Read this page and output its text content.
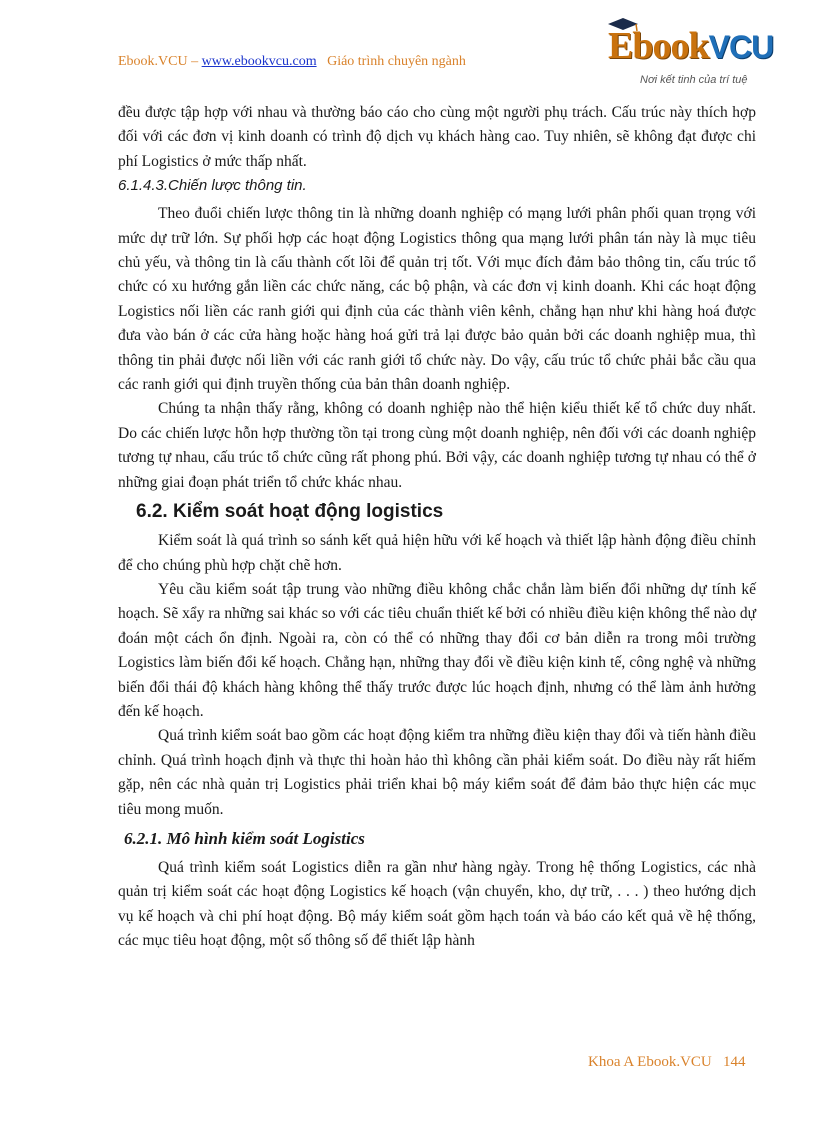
Ebook.VCU – www.ebookvcu.com Giáo trình chuyên ngành	EbookVCU
Nơi kết tinh của trí tuệ

đều được tập hợp với nhau và thường báo cáo cho cùng một người phụ trách. Cấu trúc này thích hợp đối với các đơn vị kinh doanh có trình độ dịch vụ khách hàng cao. Tuy nhiên, sẽ không đạt được chi phí Logistics ở mức thấp nhất.

6.1.4.3.Chiến lược thông tin.

Theo đuổi chiến lược thông tin là những doanh nghiệp có mạng lưới phân phối quan trọng với mức dự trữ lớn. Sự phối hợp các hoạt động Logistics thông qua mạng lưới phân tán này là mục tiêu chủ yếu, và thông tin là cấu thành cốt lõi để quản trị tốt. Với mục đích đảm bảo thông tin, cấu trúc tổ chức có xu hướng gắn liền các chức năng, các bộ phận, và các đơn vị kinh doanh. Khi các hoạt động Logistics nối liền các ranh giới qui định của các thành viên kênh, chẳng hạn như khi hàng hoá được đưa vào bán ở các cửa hàng hoặc hàng hoá gửi trả lại được bảo quản bởi các doanh nghiệp mua, thì thông tin phải được nối liền với các ranh giới tổ chức này. Do vậy, cấu trúc tổ chức phải bắc cầu qua các ranh giới qui định truyền thống của bản thân doanh nghiệp.

Chúng ta nhận thấy rằng, không có doanh nghiệp nào thể hiện kiểu thiết kế tổ chức duy nhất. Do các chiến lược hỗn hợp thường tồn tại trong cùng một doanh nghiệp, nên đối với các doanh nghiệp tương tự nhau, cấu trúc tổ chức cũng rất phong phú. Bởi vậy, các doanh nghiệp tương tự nhau có thể ở những giai đoạn phát triển tổ chức khác nhau.

6.2. Kiểm soát hoạt động logistics

Kiểm soát là quá trình so sánh kết quả hiện hữu với kế hoạch và thiết lập hành động điều chỉnh để cho chúng phù hợp chặt chẽ hơn.

Yêu cầu kiểm soát tập trung vào những điều không chắc chắn làm biến đổi những dự tính kế hoạch. Sẽ xẩy ra những sai khác so với các tiêu chuẩn thiết kế bởi có nhiều điều kiện không thể nào dự đoán một cách ổn định. Ngoài ra, còn có thể có những thay đổi cơ bản diễn ra trong môi trường Logistics làm biến đổi kế hoạch. Chẳng hạn, những thay đổi về điều kiện kinh tế, công nghệ và những biến đổi thái độ khách hàng không thể thấy trước được lúc hoạch định, nhưng có thể làm ảnh hưởng đến kế hoạch.

Quá trình kiểm soát bao gồm các hoạt động kiểm tra những điều kiện thay đổi và tiến hành điều chỉnh. Quá trình hoạch định và thực thi hoàn hảo thì không cần phải kiểm soát. Do điều này rất hiếm gặp, nên các nhà quản trị Logistics phải triển khai bộ máy kiểm soát để đảm bảo thực hiện các mục tiêu mong muốn.

6.2.1. Mô hình kiểm soát Logistics

Quá trình kiểm soát Logistics diễn ra gần như hàng ngày. Trong hệ thống Logistics, các nhà quản trị kiểm soát các hoạt động Logistics kế hoạch (vận chuyển, kho, dự trữ, . . . ) theo hướng dịch vụ kế hoạch và chi phí hoạt động. Bộ máy kiểm soát gồm hạch toán và báo cáo kết quả về hệ thống, các mục tiêu hoạt động, một số thông số để thiết lập hành

Khoa A Ebook.VCU 144
